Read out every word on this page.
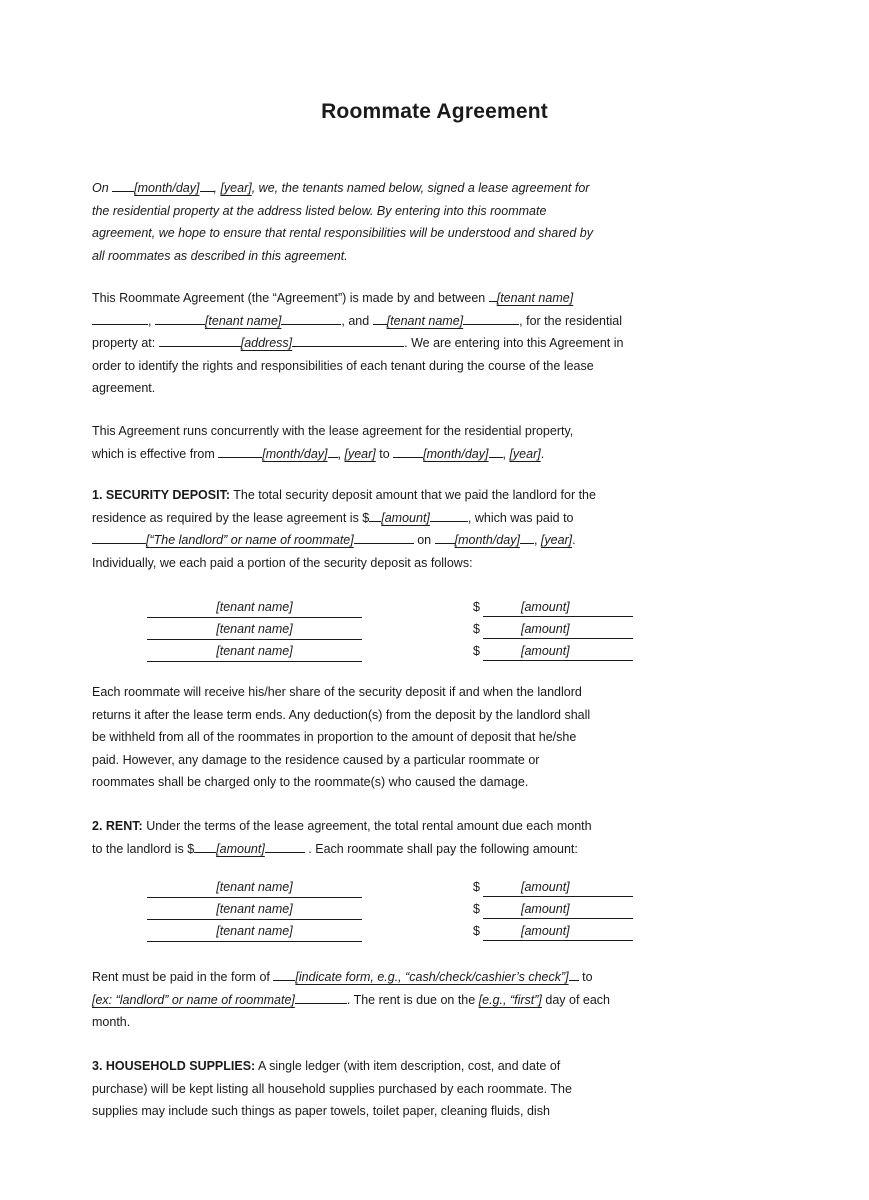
Roommate Agreement
On [month/day] , [year], we, the tenants named below, signed a lease agreement for
the residential property at the address listed below. By entering into this roommate
agreement, we hope to ensure that rental responsibilities will be understood and shared by
all roommates as described in this agreement.
This Roommate Agreement (the “Agreement”) is made by and between [tenant name]
,	[tenant name]	, and [tenant name]	, for the residential
property at:	[address]	. We are entering into this Agreement in
order to identify the rights and responsibilities of each tenant during the course of the lease
agreement.
This Agreement runs concurrently with the lease agreement for the residential property,
which is effective from	[month/day] , [year] to	[month/day] , [year].
1. SECURITY DEPOSIT: The total security deposit amount that we paid the landlord for the
residence as required by the lease agreement is $ [amount]	, which was paid to
[“The landlord” or name of roommate]	on [month/day] , [year].
Individually, we each paid a portion of the security deposit as follows:
[tenant name]	$	[amount]
[tenant name]	$	[amount]
[tenant name]	$	[amount]
Each roommate will receive his/her share of the security deposit if and when the landlord
returns it after the lease term ends. Any deduction(s) from the deposit by the landlord shall
be withheld from all of the roommates in proportion to the amount of deposit that he/she
paid. However, any damage to the residence caused by a particular roommate or
roommates shall be charged only to the roommate(s) who caused the damage.
2. RENT: Under the terms of the lease agreement, the total rental amount due each month
to the landlord is $ [amount]	. Each roommate shall pay the following amount:
[tenant name]	$	[amount]
[tenant name]	$	[amount]
[tenant name]	$	[amount]
Rent must be paid in the form of [indicate form, e.g., “cash/check/cashier’s check”] to
[ex: “landlord” or name of roommate]	. The rent is due on the [e.g., “first”] day of each
month.
3. HOUSEHOLD SUPPLIES: A single ledger (with item description, cost, and date of
purchase) will be kept listing all household supplies purchased by each roommate. The
supplies may include such things as paper towels, toilet paper, cleaning fluids, dish
